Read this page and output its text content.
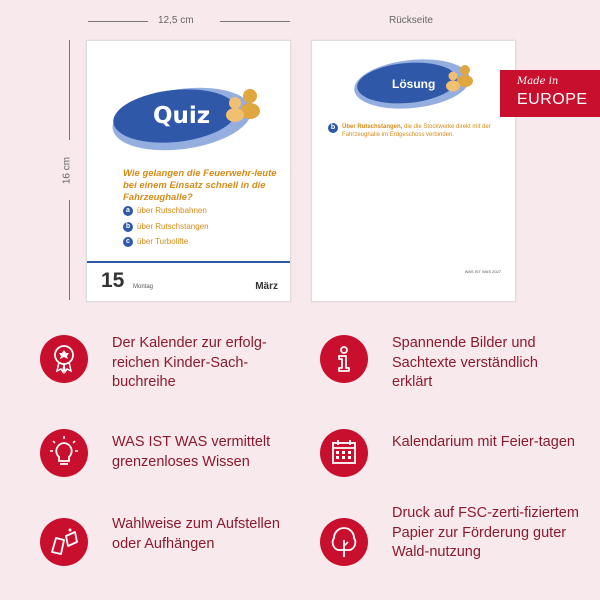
12,5 cm	Rückseite
16 cm
Quiz
Wie gelangen die Feuerwehr-leute bei einem Einsatz schnell in die Fahrzeughalle?
15 Montag	März
a über Rutschbahnen
b über Rutschstangen
c über Turbolifte
Lösung
b	Über Rutschstangen, die die Stockwerke direkt mit der Fahrzeughalle im Erdgeschoss verbinden.
WAS IST WAS 2027
Made in
EUROPE
Der Kalender zur erfolg-reichen Kinder-Sach-buchreihe
Spannende Bilder und Sachtexte verständlich erklärt
WAS IST WAS vermittelt grenzenloses Wissen
Kalendarium mit Feier-tagen
Wahlweise zum Aufstellen oder Aufhängen
Druck auf FSC-zerti-fiziertem Papier zur Förderung guter Wald-nutzung
